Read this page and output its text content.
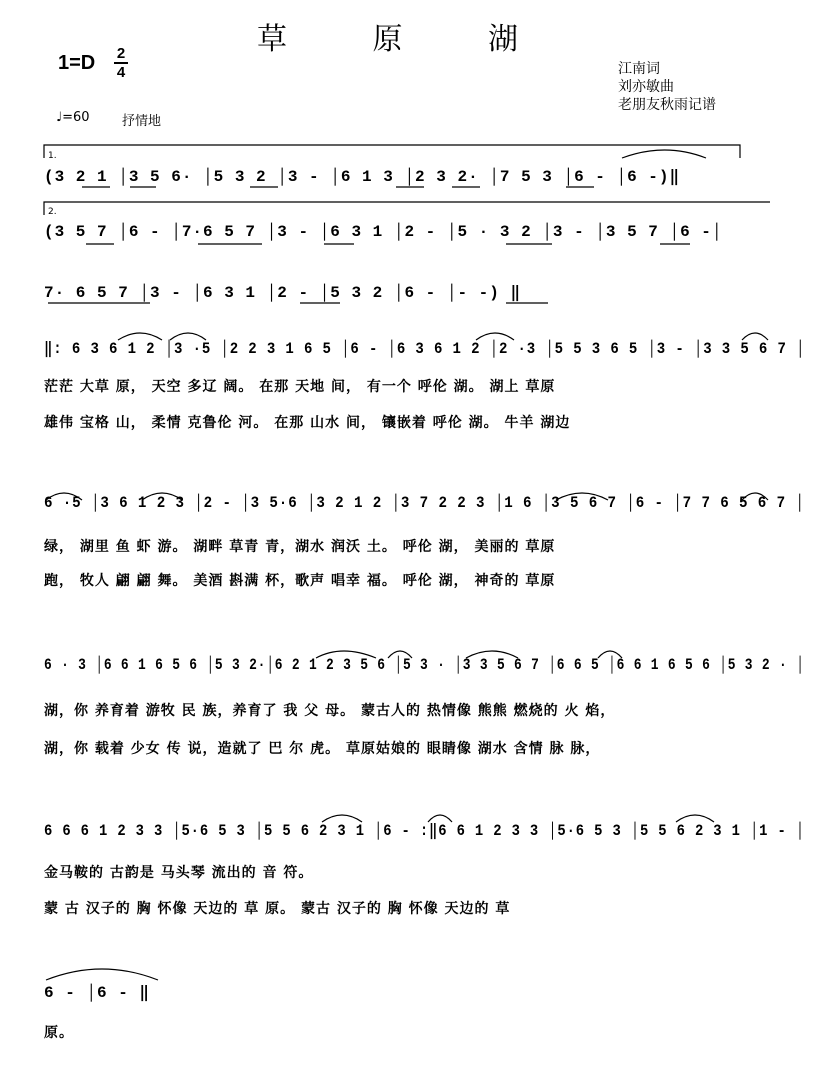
草 原 湖
1=D 2
4	江南词
刘亦敏曲
老朋友秋雨记谱
♩=60 抒情地
1.
2.
(3 2 1 │3 5 6· │5 3 2 │3 - │6 1 3 │2 3 2· │7 5 3 │6 - │6 -)‖
(3 5 7 │6 - │7·6 5 7 │3 - │6 3 1 │2 - │5 · 3 2 │3 - │3 5 7 │6 -│
7· 6 5 7 │3 - │6 3 1 │2 - │5 3 2 │6 - │- -) ‖
‖: 6 3 6 1 2 │3 ·5 │2 2 3 1 6 5 │6 - │6 3 6 1 2 │2 ·3 │5 5 3 6 5 │3 - │3 3 5 6 7 │
茫茫 大草 原， 天空 多辽 阔。 在那 天地 间， 有一个 呼伦 湖。 湖上 草原
雄伟 宝格 山， 柔情 克鲁伦 河。 在那 山水 间， 镶嵌着 呼伦 湖。 牛羊 湖边
6 ·5 │3 6 1 2 3 │2 - │3 5·6 │3 2 1 2 │3 7 2 2 3 │1 6 │3 5 6 7 │6 - │7 7 6 5 6 7 │
绿， 湖里 鱼 虾 游。 湖畔 草青 青，湖水 润沃 土。 呼伦 湖， 美丽的 草原
跑， 牧人 翩 翩 舞。 美酒 斟满 杯，歌声 唱幸 福。 呼伦 湖， 神奇的 草原
6 · 3 │6 6 1 6 5 6 │5 3 2·│6 2 1 2 3 5 6 │5 3 · │3 3 5 6 7 │6 6 5 │6 6 1 6 5 6 │5 3 2 · │
湖，你 养育着 游牧 民 族，养育了 我 父 母。 蒙古人的 热情像 熊熊 燃烧的 火 焰，
湖，你 载着 少女 传 说，造就了 巴 尔 虎。 草原姑娘的 眼睛像 湖水 含情 脉 脉，
6 6 6 1 2 3 3 │5·6 5 3 │5 5 6 2 3 1 │6 - :‖6 6 1 2 3 3 │5·6 5 3 │5 5 6 2 3 1 │1 - │
金马鞍的 古韵是 马头琴 流出的 音 符。
蒙 古 汉子的 胸 怀像 天边的 草 原。 蒙古 汉子的 胸 怀像 天边的 草
6 - │6 - ‖
原。
